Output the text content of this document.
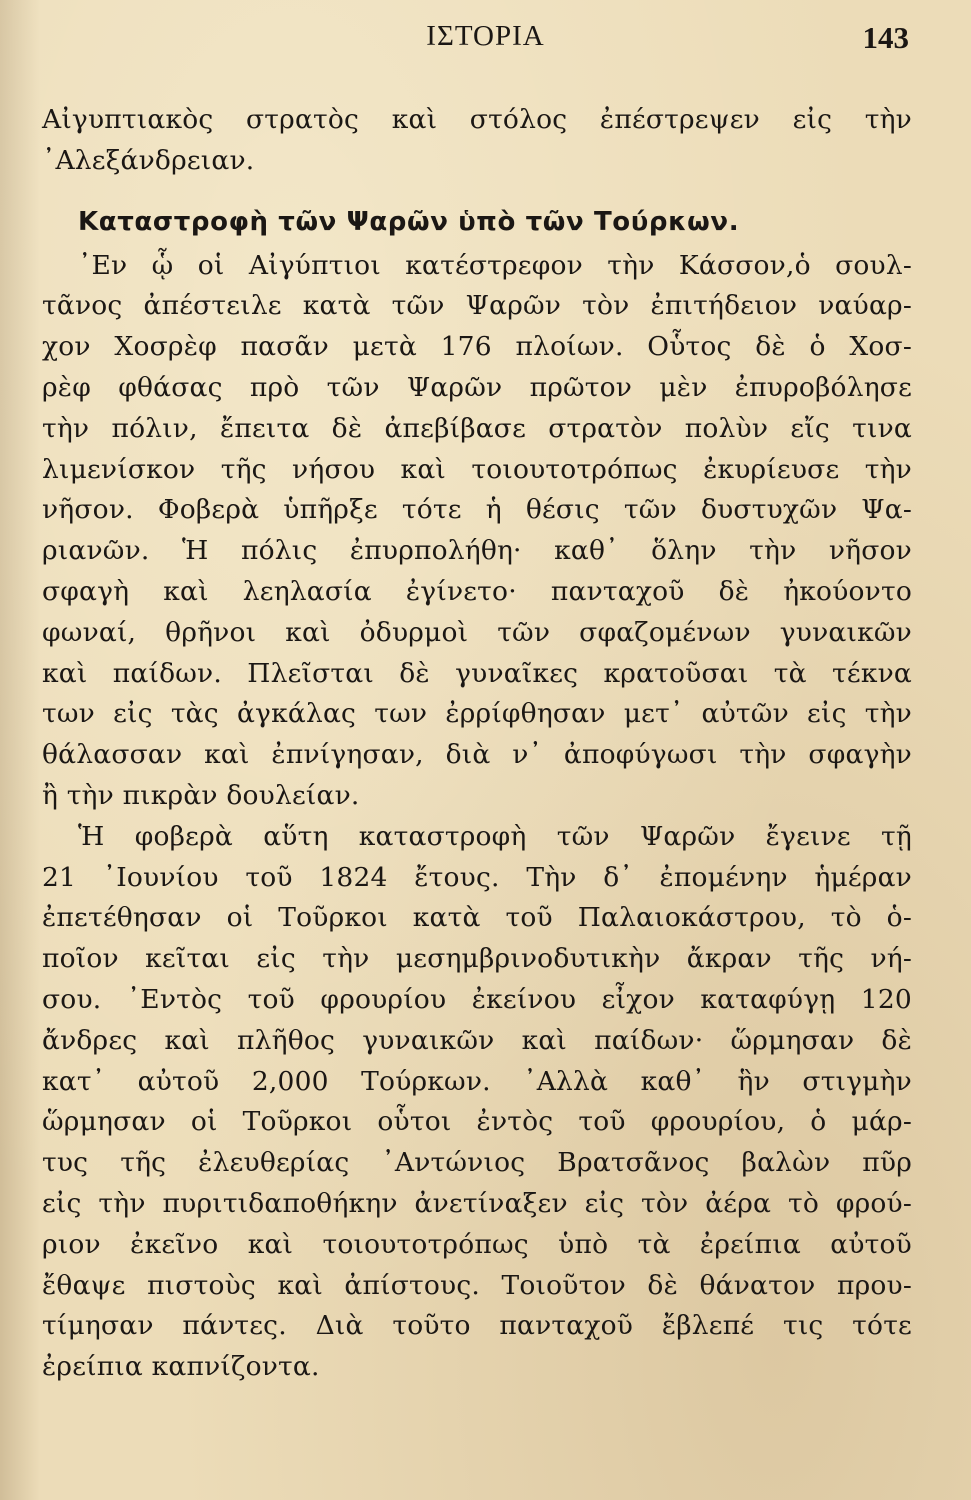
ΙΣΤΟΡΙΑ	143
Αἰγυπτιακὸς στρατὸς καὶ στόλος ἐπέστρεψεν εἰς τὴν
᾿Αλεξάνδρειαν.
Καταστροφὴ τῶν Ψαρῶν ὑπὸ τῶν Τούρκων.
᾿Εν ᾧ οἱ Αἰγύπτιοι κατέστρεφον τὴν Κάσσον,ὁ σουλ-
τᾶνος ἀπέστειλε κατὰ τῶν Ψαρῶν τὸν ἐπιτήδειον ναύαρ-
χον Χοσρὲφ πασᾶν μετὰ 176 πλοίων. Οὗτος δὲ ὁ Χοσ-
ρὲφ φθάσας πρὸ τῶν Ψαρῶν πρῶτον μὲν ἐπυροβόλησε
τὴν πόλιν, ἔπειτα δὲ ἀπεβίβασε στρατὸν πολὺν εἴς τινα
λιμενίσκον τῆς νήσου καὶ τοιουτοτρόπως ἐκυρίευσε τὴν
νῆσον. Φοβερὰ ὑπῆρξε τότε ἡ θέσις τῶν δυστυχῶν Ψα-
ριανῶν. Ἡ πόλις ἐπυρπολήθη· καθ᾿ ὅλην τὴν νῆσον
σφαγὴ καὶ λεηλασία ἐγίνετο· πανταχοῦ δὲ ἠκούοντο
φωναί, θρῆνοι καὶ ὀδυρμοὶ τῶν σφαζομένων γυναικῶν
καὶ παίδων. Πλεῖσται δὲ γυναῖκες κρατοῦσαι τὰ τέκνα
των εἰς τὰς ἀγκάλας των ἐρρίφθησαν μετ᾿ αὐτῶν εἰς τὴν
θάλασσαν καὶ ἐπνίγησαν, διὰ ν᾿ ἀποφύγωσι τὴν σφαγὴν
ἢ τὴν πικρὰν δουλείαν.
Ἡ φοβερὰ αὕτη καταστροφὴ τῶν Ψαρῶν ἔγεινε τῇ
21 ᾿Ιουνίου τοῦ 1824 ἔτους. Τὴν δ᾿ ἐπομένην ἡμέραν
ἐπετέθησαν οἱ Τοῦρκοι κατὰ τοῦ Παλαιοκάστρου, τὸ ὁ-
ποῖον κεῖται εἰς τὴν μεσημβρινοδυτικὴν ἄκραν τῆς νή-
σου. ᾿Εντὸς τοῦ φρουρίου ἐκείνου εἶχον καταφύγῃ 120
ἄνδρες καὶ πλῆθος γυναικῶν καὶ παίδων· ὥρμησαν δὲ
κατ᾿ αὐτοῦ 2,000 Τούρκων. ᾿Αλλὰ καθ᾿ ἣν στιγμὴν
ὥρμησαν οἱ Τοῦρκοι οὗτοι ἐντὸς τοῦ φρουρίου, ὁ μάρ-
τυς τῆς ἐλευθερίας ᾿Αντώνιος Βρατσᾶνος βαλὼν πῦρ
εἰς τὴν πυριτιδαποθήκην ἀνετίναξεν εἰς τὸν ἀέρα τὸ φρού-
ριον ἐκεῖνο καὶ τοιουτοτρόπως ὑπὸ τὰ ἐρείπια αὐτοῦ
ἔθαψε πιστοὺς καὶ ἀπίστους. Τοιοῦτον δὲ θάνατον πρου-
τίμησαν πάντες. Διὰ τοῦτο πανταχοῦ ἔβλεπέ τις τότε
ἐρείπια καπνίζοντα.
